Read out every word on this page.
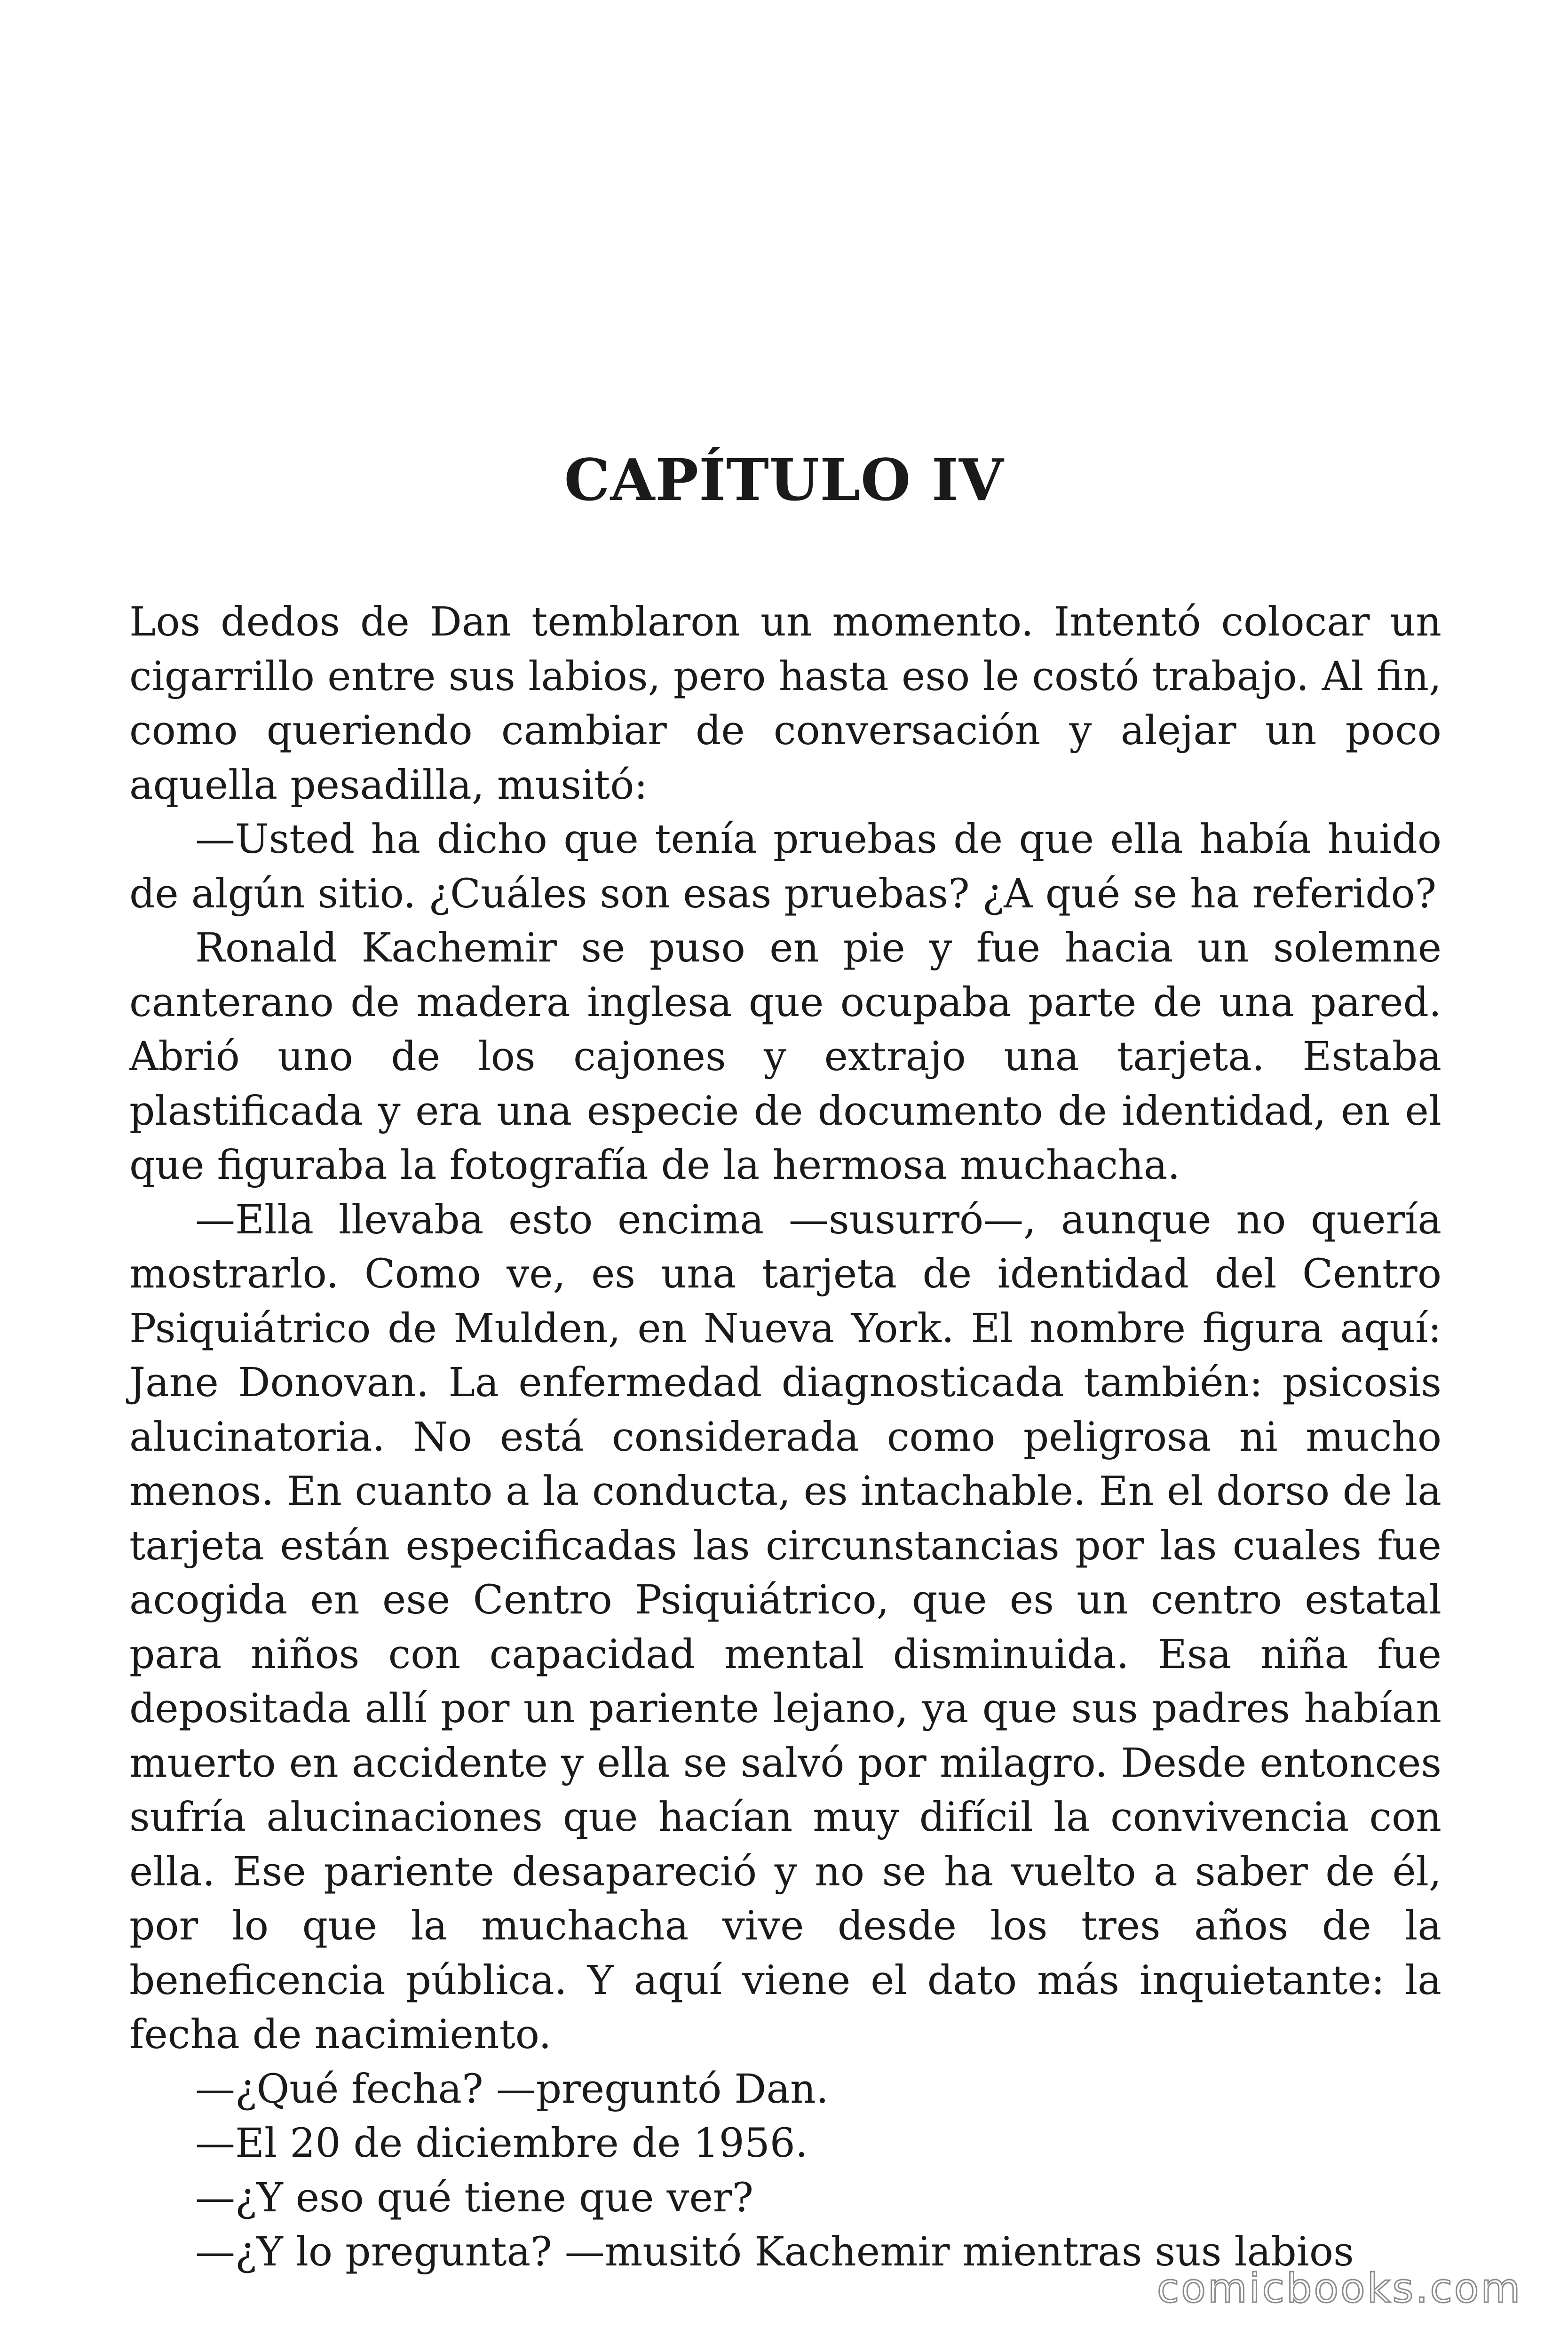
CAPÍTULO IV

Los dedos de Dan temblaron un momento. Intentó colocar un cigarrillo entre sus labios, pero hasta eso le costó trabajo. Al fin, como queriendo cambiar de conversación y alejar un poco aquella pesadilla, musitó:

—Usted ha dicho que tenía pruebas de que ella había huido de algún sitio. ¿Cuáles son esas pruebas? ¿A qué se ha referido?

Ronald Kachemir se puso en pie y fue hacia un solemne canterano de madera inglesa que ocupaba parte de una pared. Abrió uno de los cajones y extrajo una tarjeta. Estaba plastificada y era una especie de documento de identidad, en el que figuraba la fotografía de la hermosa muchacha.

—Ella llevaba esto encima —susurró—, aunque no quería mostrarlo. Como ve, es una tarjeta de identidad del Centro Psiquiátrico de Mulden, en Nueva York. El nombre figura aquí: Jane Donovan. La enfermedad diagnosticada también: psicosis alucinatoria. No está considerada como peligrosa ni mucho menos. En cuanto a la conducta, es intachable. En el dorso de la tarjeta están especificadas las circunstancias por las cuales fue acogida en ese Centro Psiquiátrico, que es un centro estatal para niños con capacidad mental disminuida. Esa niña fue depositada allí por un pariente lejano, ya que sus padres habían muerto en accidente y ella se salvó por milagro. Desde entonces sufría alucinaciones que hacían muy difícil la convivencia con ella. Ese pariente desapareció y no se ha vuelto a saber de él, por lo que la muchacha vive desde los tres años de la beneficencia pública. Y aquí viene el dato más inquietante: la fecha de nacimiento.

—¿Qué fecha? —preguntó Dan.

—El 20 de diciembre de 1956.

—¿Y eso qué tiene que ver?

—¿Y lo pregunta? —musitó Kachemir mientras sus labios

comicbooks.com
